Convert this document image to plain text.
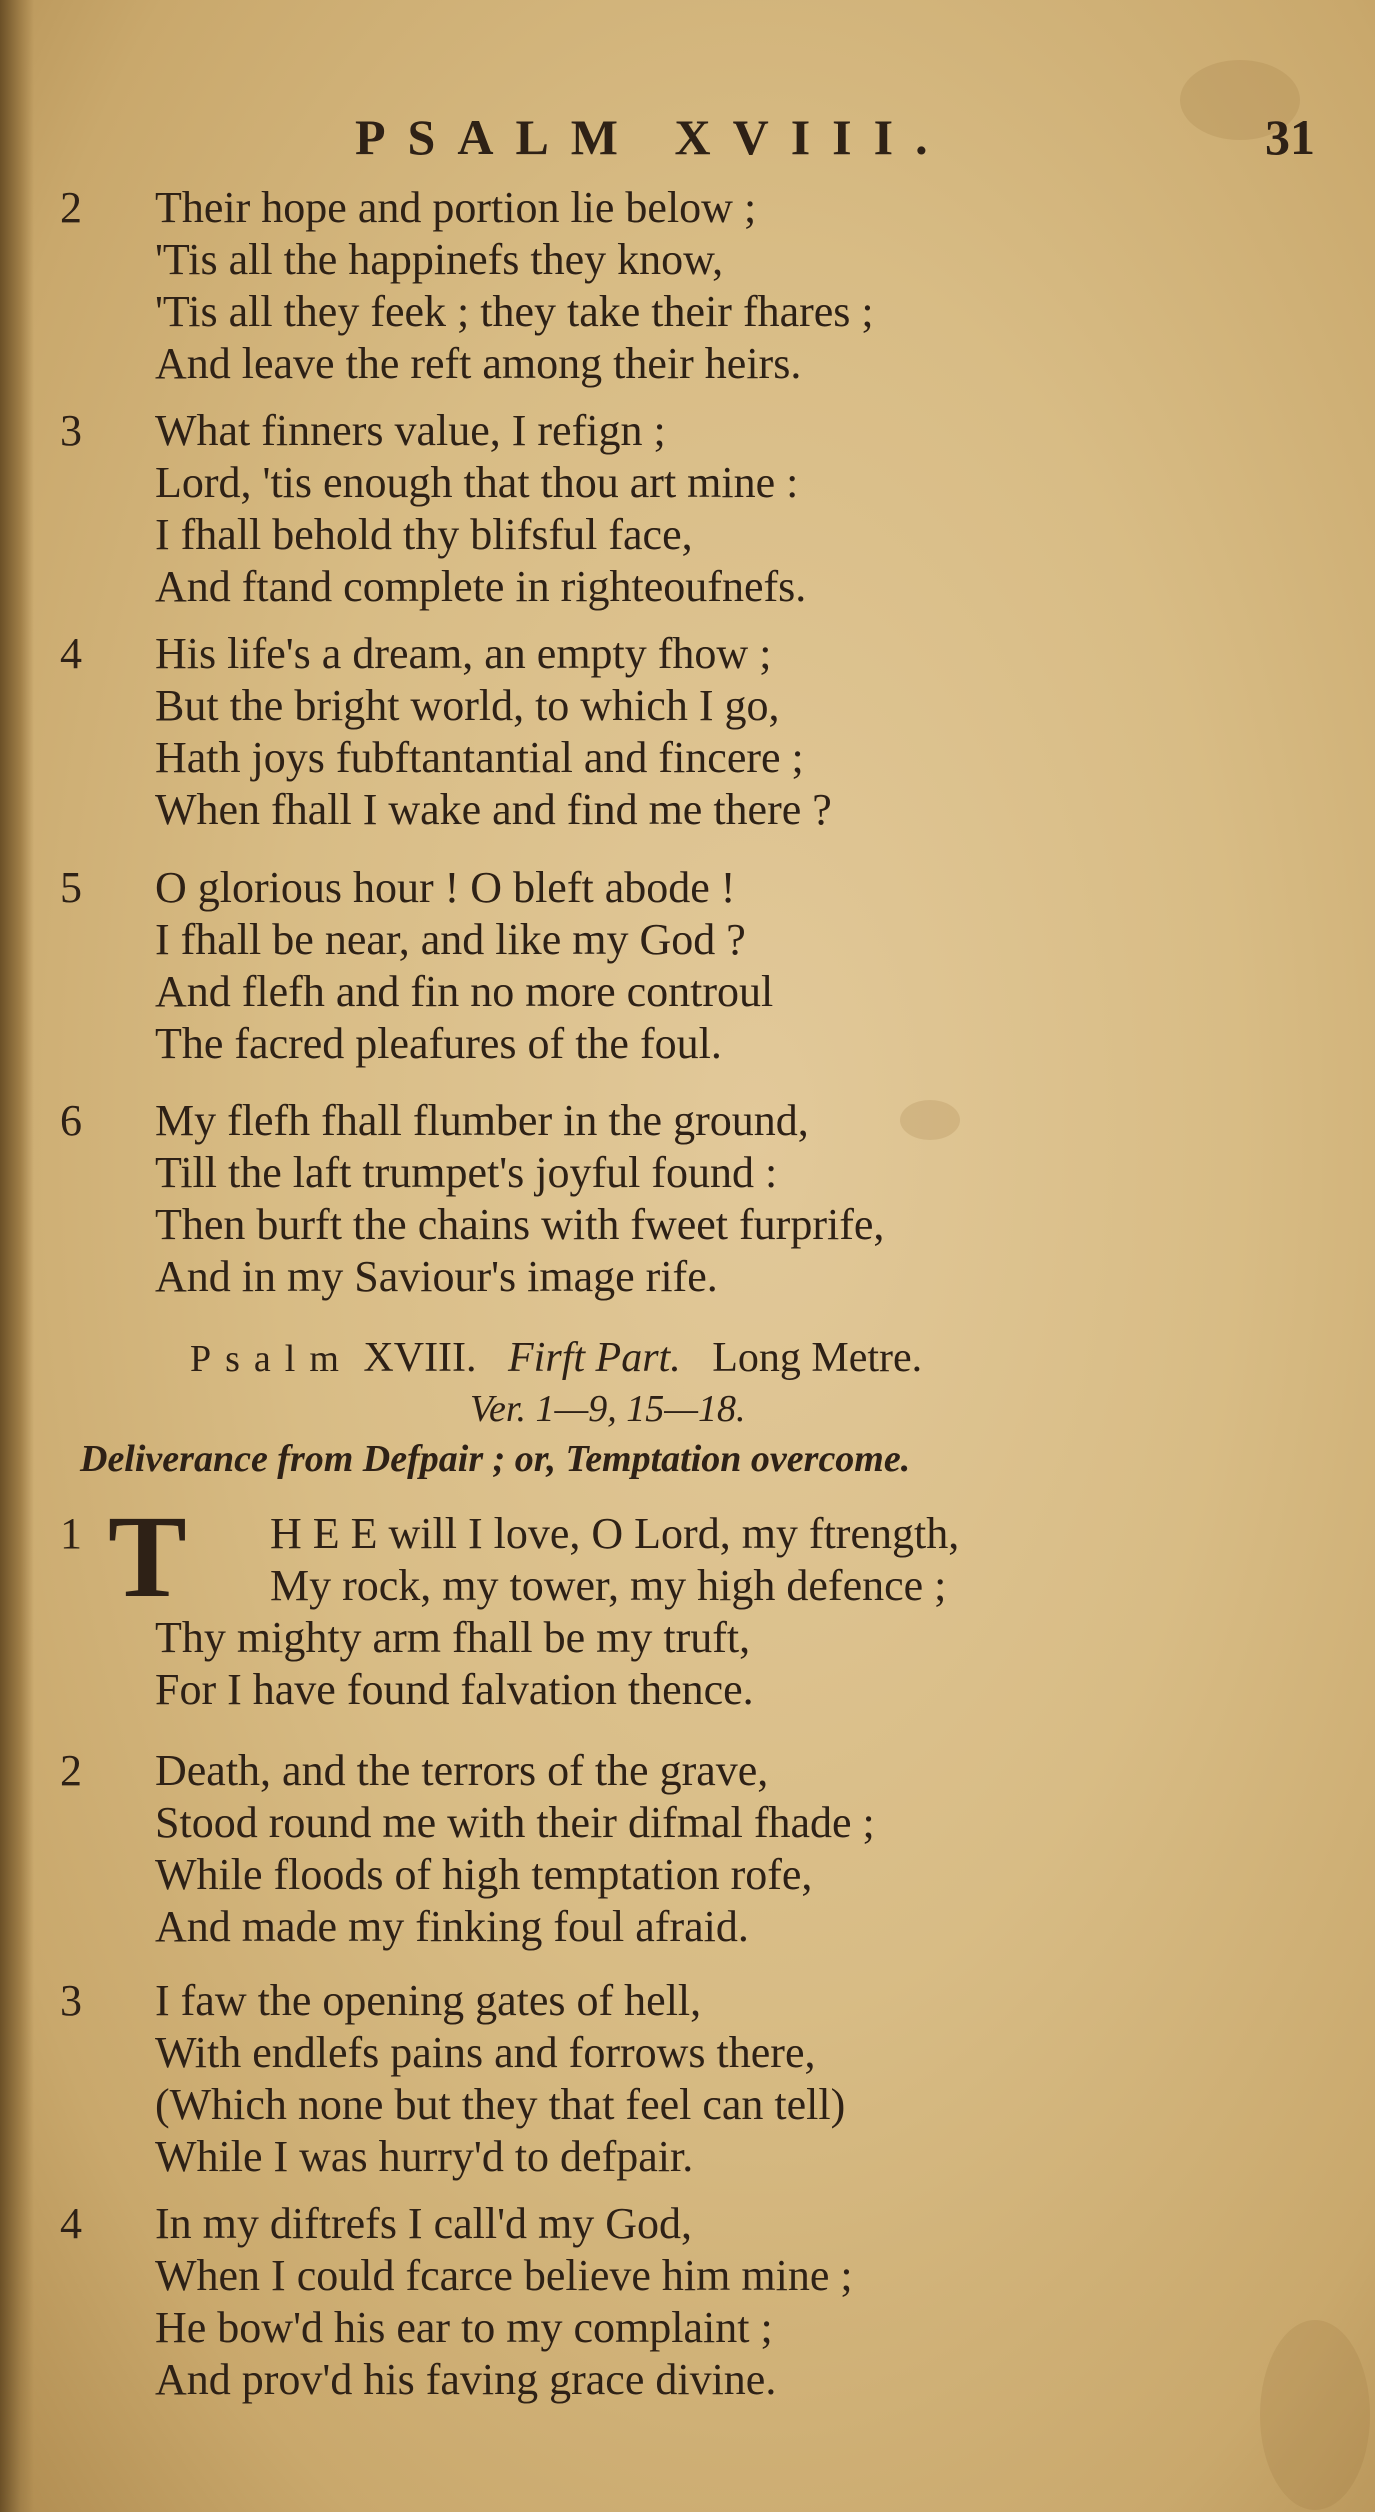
PSALM XVIII.	31
2	Their hope and portion lie below ;
'Tis all the happinefs they know,
'Tis all they feek ; they take their fhares ;
And leave the reft among their heirs.
3	What finners value, I refign ;
Lord, 'tis enough that thou art mine :
I fhall behold thy blifsful face,
And ftand complete in righteoufnefs.
4	His life's a dream, an empty fhow ;
But the bright world, to which I go,
Hath joys fubftantantial and fincere ;
When fhall I wake and find me there ?
5	O glorious hour ! O bleft abode !
I fhall be near, and like my God ?
And flefh and fin no more controul
The facred pleafures of the foul.
6	My flefh fhall flumber in the ground,
Till the laft trumpet's joyful found :
Then burft the chains with fweet furprife,
And in my Saviour's image rife.
Psalm XVIII. Firft Part. Long Metre.
Ver. 1—9, 15—18.
Deliverance from Defpair ; or, Temptation overcome.
1 T H E E will I love, O Lord, my ftrength,
My rock, my tower, my high defence ;
Thy mighty arm fhall be my truft,
For I have found falvation thence.
2	Death, and the terrors of the grave,
Stood round me with their difmal fhade ;
While floods of high temptation rofe,
And made my finking foul afraid.
3	I faw the opening gates of hell,
With endlefs pains and forrows there,
(Which none but they that feel can tell)
While I was hurry'd to defpair.
4	In my diftrefs I call'd my God,
When I could fcarce believe him mine ;
He bow'd his ear to my complaint ;
And prov'd his faving grace divine.
